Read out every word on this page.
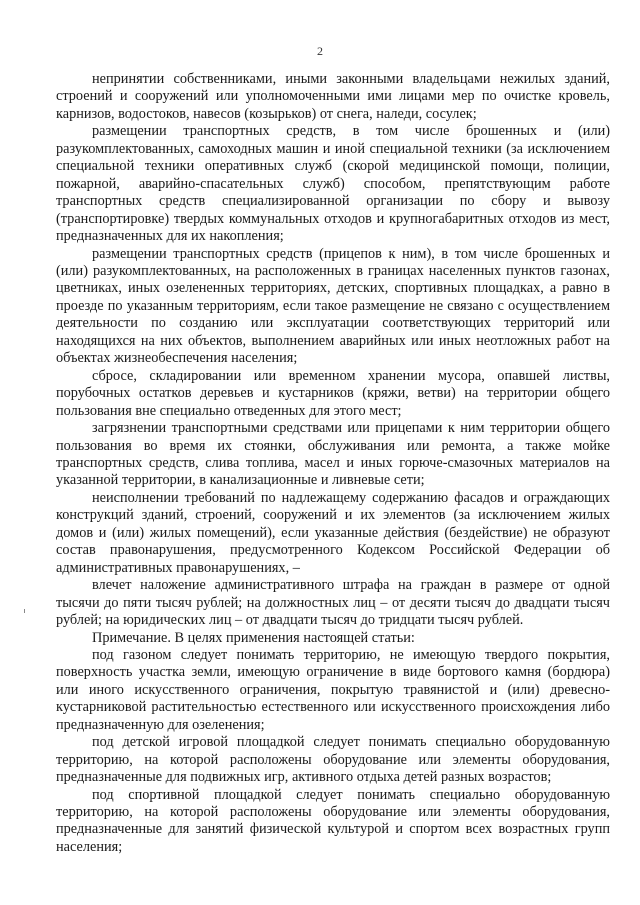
2

непринятии собственниками, иными законными владельцами нежилых зданий, строений и сооружений или уполномоченными ими лицами мер по очистке кровель, карнизов, водостоков, навесов (козырьков) от снега, наледи, сосулек;

размещении транспортных средств, в том числе брошенных и (или) разукомплектованных, самоходных машин и иной специальной техники (за исключением специальной техники оперативных служб (скорой медицинской помощи, полиции, пожарной, аварийно-спасательных служб) способом, препятствующим работе транспортных средств специализированной организации по сбору и вывозу (транспортировке) твердых коммунальных отходов и крупногабаритных отходов из мест, предназначенных для их накопления;

размещении транспортных средств (прицепов к ним), в том числе брошенных и (или) разукомплектованных, на расположенных в границах населенных пунктов газонах, цветниках, иных озелененных территориях, детских, спортивных площадках, а равно в проезде по указанным территориям, если такое размещение не связано с осуществлением деятельности по созданию или эксплуатации соответствующих территорий или находящихся на них объектов, выполнением аварийных или иных неотложных работ на объектах жизнеобеспечения населения;

сбросе, складировании или временном хранении мусора, опавшей листвы, порубочных остатков деревьев и кустарников (кряжи, ветви) на территории общего пользования вне специально отведенных для этого мест;

загрязнении транспортными средствами или прицепами к ним территории общего пользования во время их стоянки, обслуживания или ремонта, а также мойке транспортных средств, слива топлива, масел и иных горюче-смазочных материалов на указанной территории, в канализационные и ливневые сети;

неисполнении требований по надлежащему содержанию фасадов и ограждающих конструкций зданий, строений, сооружений и их элементов (за исключением жилых домов и (или) жилых помещений), если указанные действия (бездействие) не образуют состав правонарушения, предусмотренного Кодексом Российской Федерации об административных правонарушениях, –

влечет наложение административного штрафа на граждан в размере от одной тысячи до пяти тысяч рублей; на должностных лиц – от десяти тысяч до двадцати тысяч рублей; на юридических лиц – от двадцати тысяч до тридцати тысяч рублей.

Примечание. В целях применения настоящей статьи:

под газоном следует понимать территорию, не имеющую твердого покрытия, поверхность участка земли, имеющую ограничение в виде бортового камня (бордюра) или иного искусственного ограничения, покрытую травянистой и (или) древесно-кустарниковой растительностью естественного или искусственного происхождения либо предназначенную для озеленения;

под детской игровой площадкой следует понимать специально оборудованную территорию, на которой расположены оборудование или элементы оборудования, предназначенные для подвижных игр, активного отдыха детей разных возрастов;

под спортивной площадкой следует понимать специально оборудованную территорию, на которой расположены оборудование или элементы оборудования, предназначенные для занятий физической культурой и спортом всех возрастных групп населения;
